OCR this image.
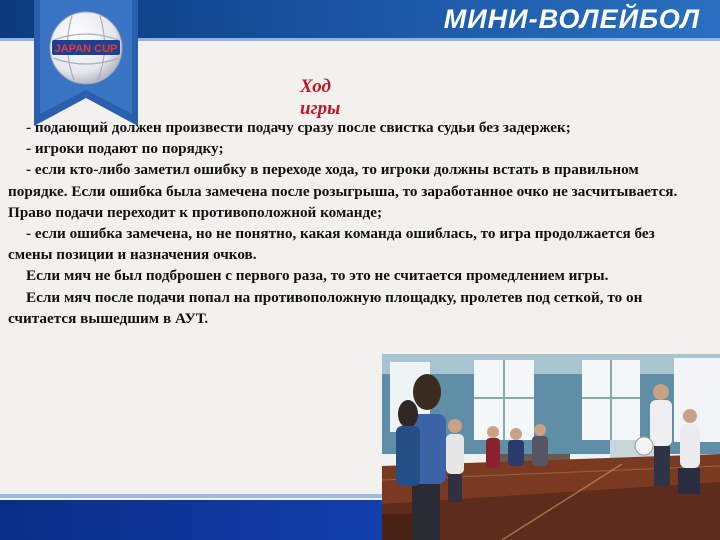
МИНИ-ВОЛЕЙБОЛ
JAPAN CUP
Ход игры

- подающий должен произвести подачу сразу после свистка судьи без задержек;

- игроки подают по порядку;

- если кто-либо заметил ошибку в переходе хода, то игроки должны встать в правильном порядке. Если ошибка была замечена после розыгрыша, то заработанное очко не засчитывается. Право подачи переходит к противоположной команде;

- если ошибка замечена, но не понятно, какая команда ошиблась, то игра продолжается без смены позиции и назначения очков.

Если мяч не был подброшен с первого раза, то это не считается промедлением игры.

Если мяч после подачи попал на противоположную площадку, пролетев под сеткой, то он считается вышедшим в АУТ.
